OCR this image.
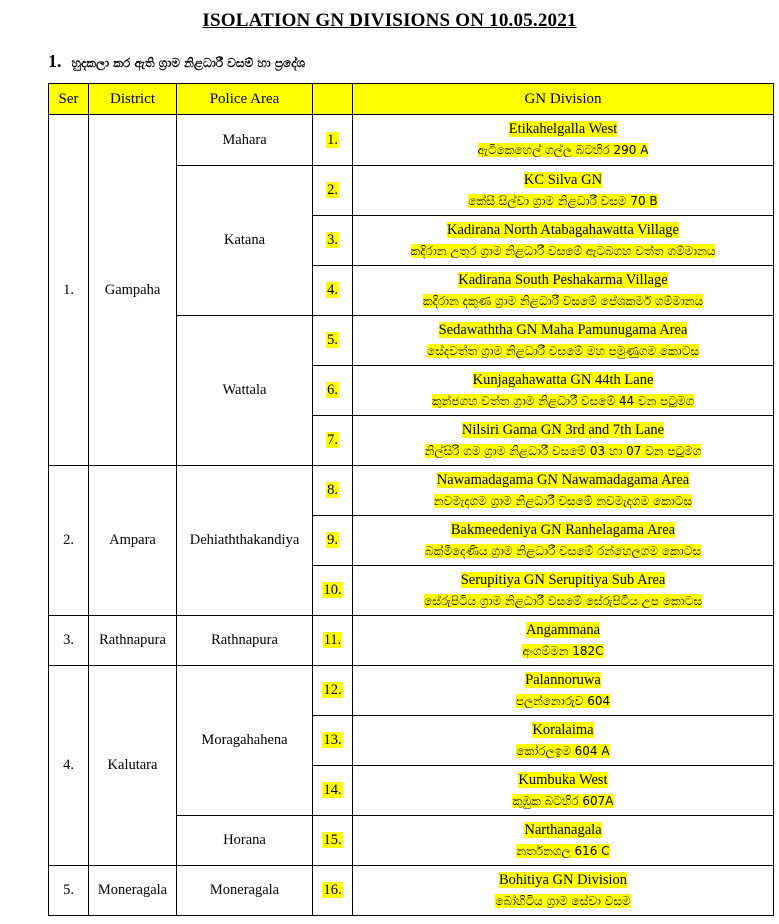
ISOLATION GN DIVISIONS ON 10.05.2021
1. හුදකලා කර ඇති ග්‍රාම නිළධාරී වසම් හා ප්‍රදේශ
Ser	District	Police Area		GN Division
1.	Gampaha	Mahara	1.	Etikahelgalla West
ඇටිකෙහෙල් ගල්ල බටහිර 290 A
		Katana	2.	KC Silva GN
කේසී සිල්වා ග්‍රාම නිළධාරී වසම 70 B
			3.	Kadirana North Atabagahawatta Village
කදිරාන උතුර ග්‍රාම නිළධාරී වසමේ ඇටබගහ වත්ත ගම්මානය
			4.	Kadirana South Peshakarma Village
කදිරාන දකුණ ග්‍රාම නිළධාරී වසමේ පේශකර්ම ගම්මානය
		Wattala	5.	Sedawaththa GN Maha Pamunugama Area
සේදවත්ත ග්‍රාම නිළධාරී වසමේ මහ පමුණුගම කොටස
			6.	Kunjagahawatta GN 44th Lane
කුන්ජගහ වත්ත ග්‍රාම නිළධාරී වසමේ 44 වන පටුමග
			7.	Nilsiri Gama GN 3rd and 7th Lane
නිල්සිරි ගම ග්‍රාම නිළධාරී වසමේ 03 හා 07 වන පටුමග
2.	Ampara	Dehiaththakandiya	8.	Nawamadagama GN Nawamadagama Area
නවමැදගම ග්‍රාම නිළධාරී වසමේ නවමැදගම කොටස
			9.	Bakmeedeniya GN Ranhelagama Area
බක්මීදෙණිය ග්‍රාම නිළධාරී වසමේ රන්හෙලගම කොටස
			10.	Serupitiya GN Serupitiya Sub Area
සේරුපිටිය ග්‍රාම නිළධාරී වසමේ සේරුපිටිය උප කොටස
3.	Rathnapura	Rathnapura	11.	Angammana
අංගම්මන 182C
4.	Kalutara	Moragahahena	12.	Palannoruwa
පලන්නොරුව 604
			13.	Koralaima
කෝරලඉම 604 A
			14.	Kumbuka West
කුඹුක බටහිර 607A
		Horana	15.	Narthanagala
නර්තනගල 616 C
5.	Moneragala	Moneragala	16.	Bohitiya GN Division
බෝහිටිය ග්‍රාම සේවා වසම
